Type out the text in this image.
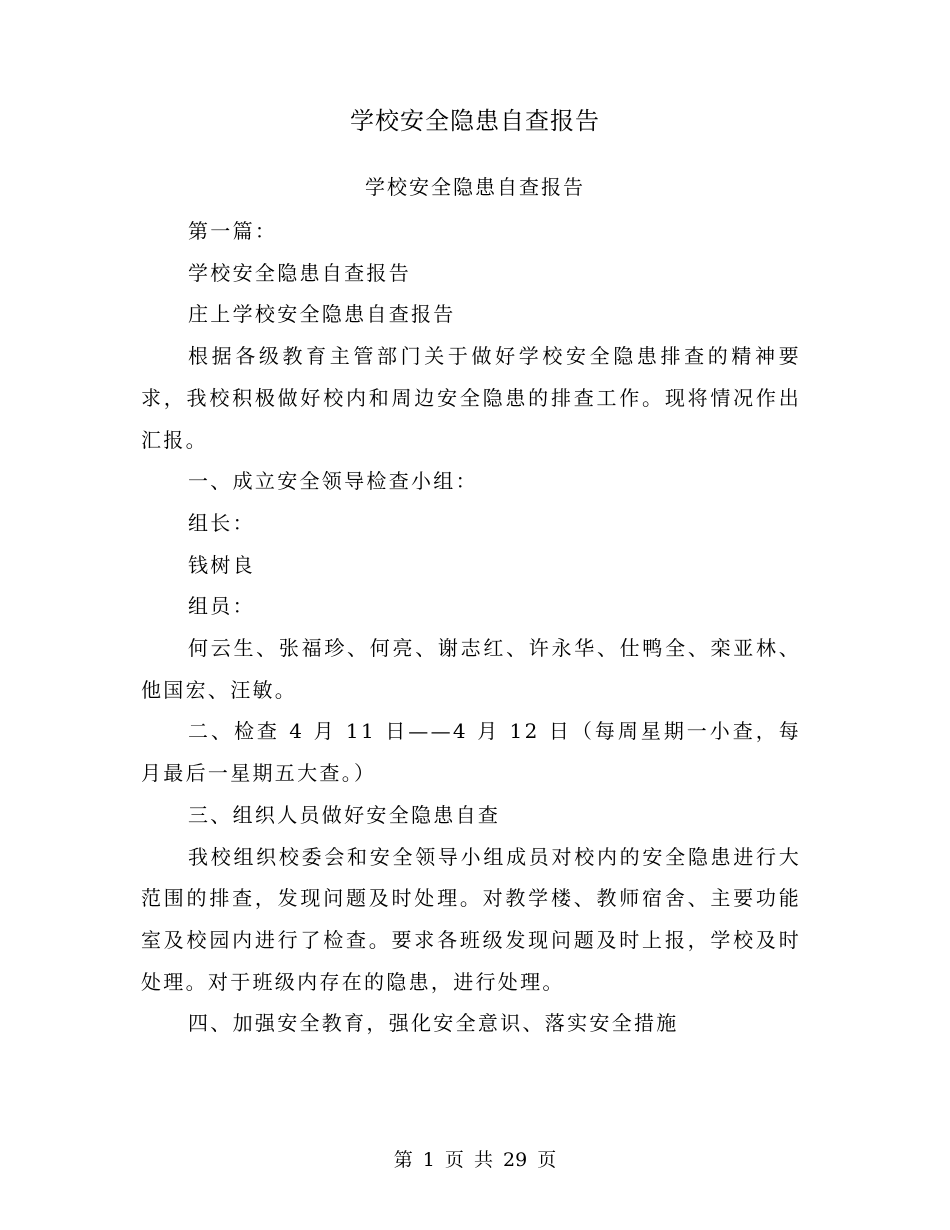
学校安全隐患自查报告
学校安全隐患自查报告

第一篇：

学校安全隐患自查报告

庄上学校安全隐患自查报告

根据各级教育主管部门关于做好学校安全隐患排查的精神要求，我校积极做好校内和周边安全隐患的排查工作。现将情况作出汇报。

一、成立安全领导检查小组：

组长：

钱树良

组员：

何云生、张福珍、何亮、谢志红、许永华、仕鸭全、栾亚林、他国宏、汪敏。

二、检查 4 月 11 日——4 月 12 日（每周星期一小查，每月最后一星期五大查。）

三、组织人员做好安全隐患自查

我校组织校委会和安全领导小组成员对校内的安全隐患进行大范围的排查，发现问题及时处理。对教学楼、教师宿舍、主要功能室及校园内进行了检查。要求各班级发现问题及时上报，学校及时处理。对于班级内存在的隐患，进行处理。

四、加强安全教育，强化安全意识、落实安全措施

第 1 页 共 29 页
